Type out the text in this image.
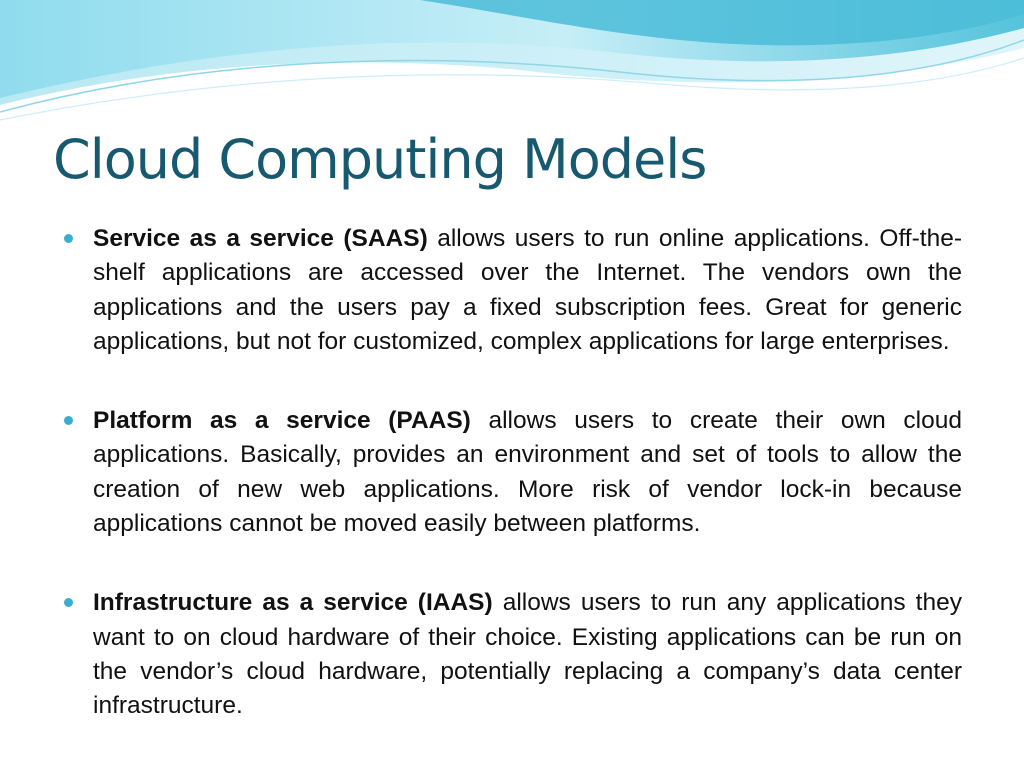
Cloud Computing Models
Service as a service (SAAS) allows users to run online applications. Off-the-shelf applications are accessed over the Internet. The vendors own the applications and the users pay a fixed subscription fees. Great for generic applications, but not for customized, complex applications for large enterprises.
Platform as a service (PAAS) allows users to create their own cloud applications. Basically, provides an environment and set of tools to allow the creation of new web applications. More risk of vendor lock-in because applications cannot be moved easily between platforms.
Infrastructure as a service (IAAS) allows users to run any applications they want to on cloud hardware of their choice. Existing applications can be run on the vendor’s cloud hardware, potentially replacing a company’s data center infrastructure.
